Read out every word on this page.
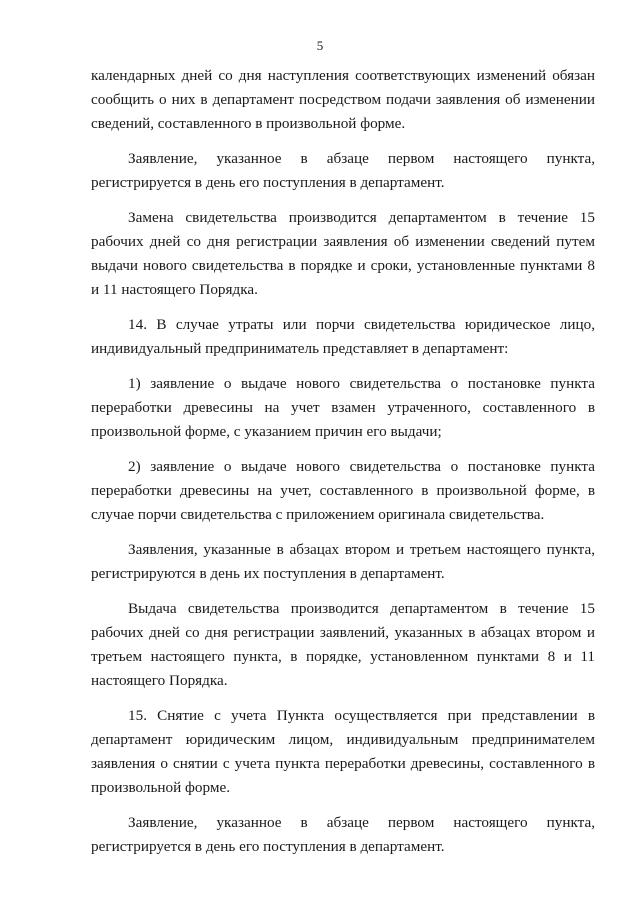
5

календарных дней со дня наступления соответствующих изменений обязан сообщить о них в департамент посредством подачи заявления об изменении сведений, составленного в произвольной форме.

Заявление, указанное в абзаце первом настоящего пункта, регистрируется в день его поступления в департамент.

Замена свидетельства производится департаментом в течение 15 рабочих дней со дня регистрации заявления об изменении сведений путем выдачи нового свидетельства в порядке и сроки, установленные пунктами 8 и 11 настоящего Порядка.

14. В случае утраты или порчи свидетельства юридическое лицо, индивидуальный предприниматель представляет в департамент:

1) заявление о выдаче нового свидетельства о постановке пункта переработки древесины на учет взамен утраченного, составленного в произвольной форме, с указанием причин его выдачи;

2) заявление о выдаче нового свидетельства о постановке пункта переработки древесины на учет, составленного в произвольной форме, в случае порчи свидетельства с приложением оригинала свидетельства.

Заявления, указанные в абзацах втором и третьем настоящего пункта, регистрируются в день их поступления в департамент.

Выдача свидетельства производится департаментом в течение 15 рабочих дней со дня регистрации заявлений, указанных в абзацах втором и третьем настоящего пункта, в порядке, установленном пунктами 8 и 11 настоящего Порядка.

15. Снятие с учета Пункта осуществляется при представлении в департамент юридическим лицом, индивидуальным предпринимателем заявления о снятии с учета пункта переработки древесины, составленного в произвольной форме.

Заявление, указанное в абзаце первом настоящего пункта, регистрируется в день его поступления в департамент.
